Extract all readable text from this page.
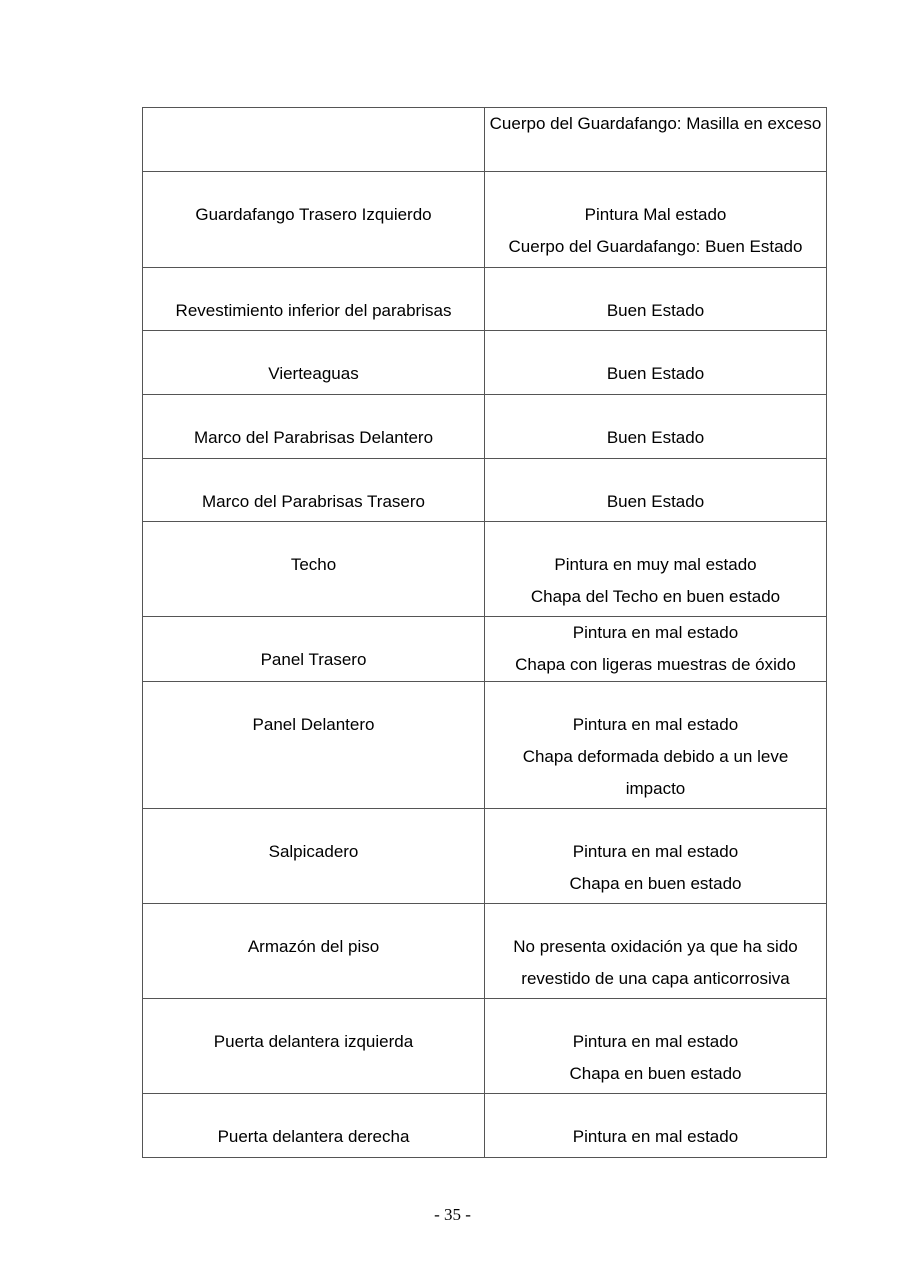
	Cuerpo del Guardafango: Masilla en exceso

Guardafango Trasero Izquierdo	Pintura Mal estado
Cuerpo del Guardafango: Buen Estado

Revestimiento inferior del parabrisas	Buen Estado

Vierteaguas	Buen Estado

Marco del Parabrisas Delantero	Buen Estado

Marco del Parabrisas Trasero	Buen Estado

Techo	Pintura en muy mal estado
Chapa del Techo en buen estado

Panel Trasero	Pintura en mal estado
Chapa con ligeras muestras de óxido

Panel Delantero	Pintura en mal estado
Chapa deformada debido a un leve impacto

Salpicadero	Pintura en mal estado
Chapa en buen estado

Armazón del piso	No presenta oxidación ya que ha sido revestido de una capa anticorrosiva

Puerta delantera izquierda	Pintura en mal estado
Chapa en buen estado

Puerta delantera derecha	Pintura en mal estado
- 35 -
